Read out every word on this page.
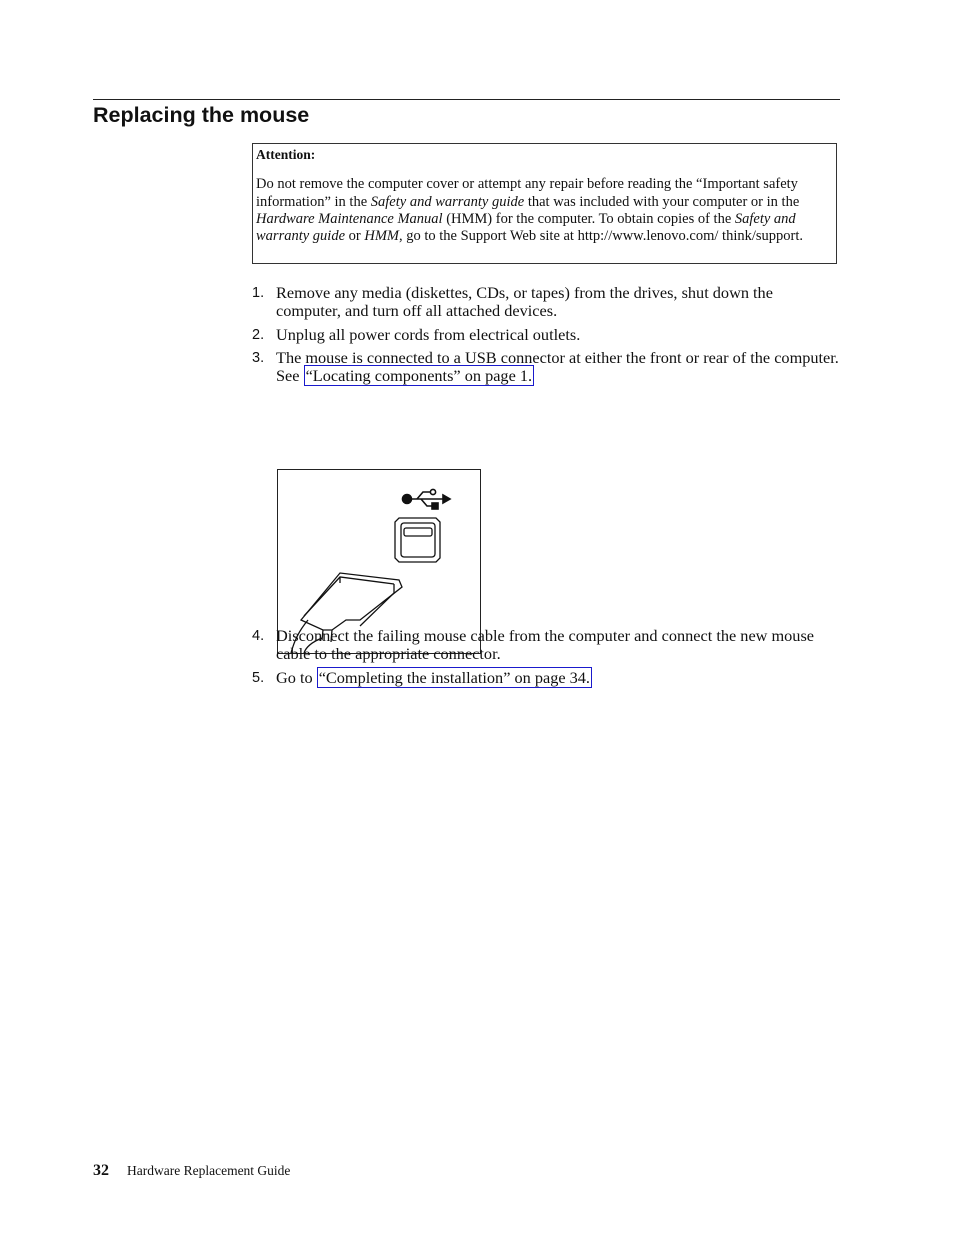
Replacing the mouse

Attention:

Do not remove the computer cover or attempt any repair before reading the “Important safety information” in the Safety and warranty guide that was included with your computer or in the Hardware Maintenance Manual (HMM) for the computer. To obtain copies of the Safety and warranty guide or HMM, go to the Support Web site at http://www.lenovo.com/ think/support.

1. Remove any media (diskettes, CDs, or tapes) from the drives, shut down the computer, and turn off all attached devices.
2. Unplug all power cords from electrical outlets.
3. The mouse is connected to a USB connector at either the front or rear of the computer. See “Locating components” on page 1.
4. Disconnect the failing mouse cable from the computer and connect the new mouse cable to the appropriate connector.
5. Go to “Completing the installation” on page 34.
32 Hardware Replacement Guide
